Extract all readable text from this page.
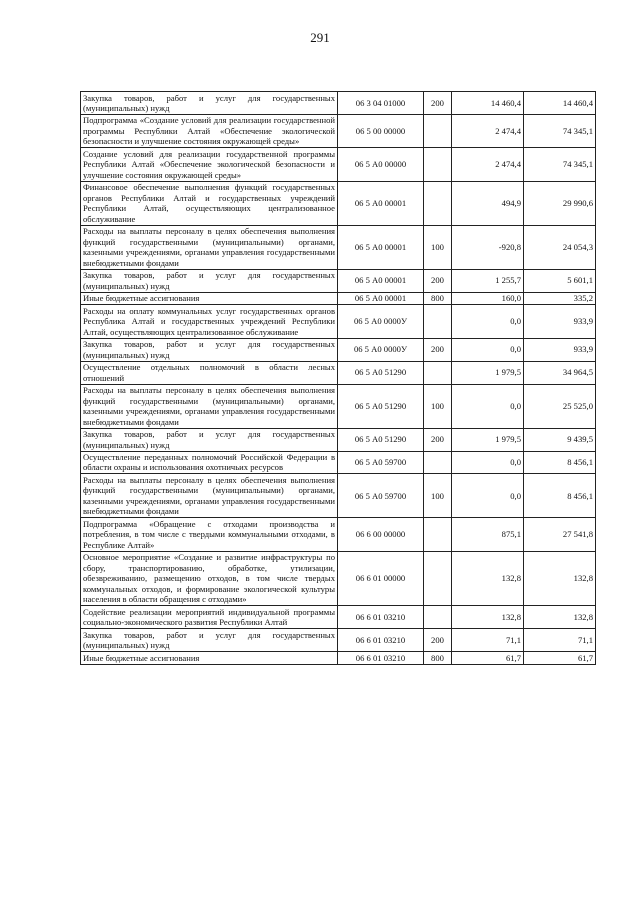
291
Закупка товаров, работ и услуг для государственных (муниципальных) нужд	06 3 04 01000	200	14 460,4	14 460,4
Подпрограмма «Создание условий для реализации государственной программы Республики Алтай «Обеспечение экологической безопасности и улучшение состояния окружающей среды»	06 5 00 00000		2 474,4	74 345,1
Создание условий для реализации государственной программы Республики Алтай «Обеспечение экологической безопасности и улучшение состояния окружающей среды»	06 5 А0 00000		2 474,4	74 345,1
Финансовое обеспечение выполнения функций государственных органов Республики Алтай и государственных учреждений Республики Алтай, осуществляющих централизованное обслуживание	06 5 А0 00001		494,9	29 990,6
Расходы на выплаты персоналу в целях обеспечения выполнения функций государственными (муниципальными) органами, казенными учреждениями, органами управления государственными внебюджетными фондами	06 5 А0 00001	100	-920,8	24 054,3
Закупка товаров, работ и услуг для государственных (муниципальных) нужд	06 5 А0 00001	200	1 255,7	5 601,1
Иные бюджетные ассигнования	06 5 А0 00001	800	160,0	335,2
Расходы на оплату коммунальных услуг государственных органов Республика Алтай и государственных учреждений Республики Алтай, осуществляющих централизованное обслуживание	06 5 А0 0000У		0,0	933,9
Закупка товаров, работ и услуг для государственных (муниципальных) нужд	06 5 А0 0000У	200	0,0	933,9
Осуществление отдельных полномочий в области лесных отношений	06 5 А0 51290		1 979,5	34 964,5
Расходы на выплаты персоналу в целях обеспечения выполнения функций государственными (муниципальными) органами, казенными учреждениями, органами управления государственными внебюджетными фондами	06 5 А0 51290	100	0,0	25 525,0
Закупка товаров, работ и услуг для государственных (муниципальных) нужд	06 5 А0 51290	200	1 979,5	9 439,5
Осуществление переданных полномочий Российской Федерации в области охраны и использования охотничьих ресурсов	06 5 А0 59700		0,0	8 456,1
Расходы на выплаты персоналу в целях обеспечения выполнения функций государственными (муниципальными) органами, казенными учреждениями, органами управления государственными внебюджетными фондами	06 5 А0 59700	100	0,0	8 456,1
Подпрограмма «Обращение с отходами производства и потребления, в том числе с твердыми коммунальными отходами, в Республике Алтай»	06 6 00 00000		875,1	27 541,8
Основное мероприятие «Создание и развитие инфраструктуры по сбору, транспортированию, обработке, утилизации, обезвреживанию, размещению отходов, в том числе твердых коммунальных отходов, и формирование экологической культуры населения в области обращения с отходами»	06 6 01 00000		132,8	132,8
Содействие реализации мероприятий индивидуальной программы социально-экономического развития Республики Алтай	06 6 01 03210		132,8	132,8
Закупка товаров, работ и услуг для государственных (муниципальных) нужд	06 6 01 03210	200	71,1	71,1
Иные бюджетные ассигнования	06 6 01 03210	800	61,7	61,7
